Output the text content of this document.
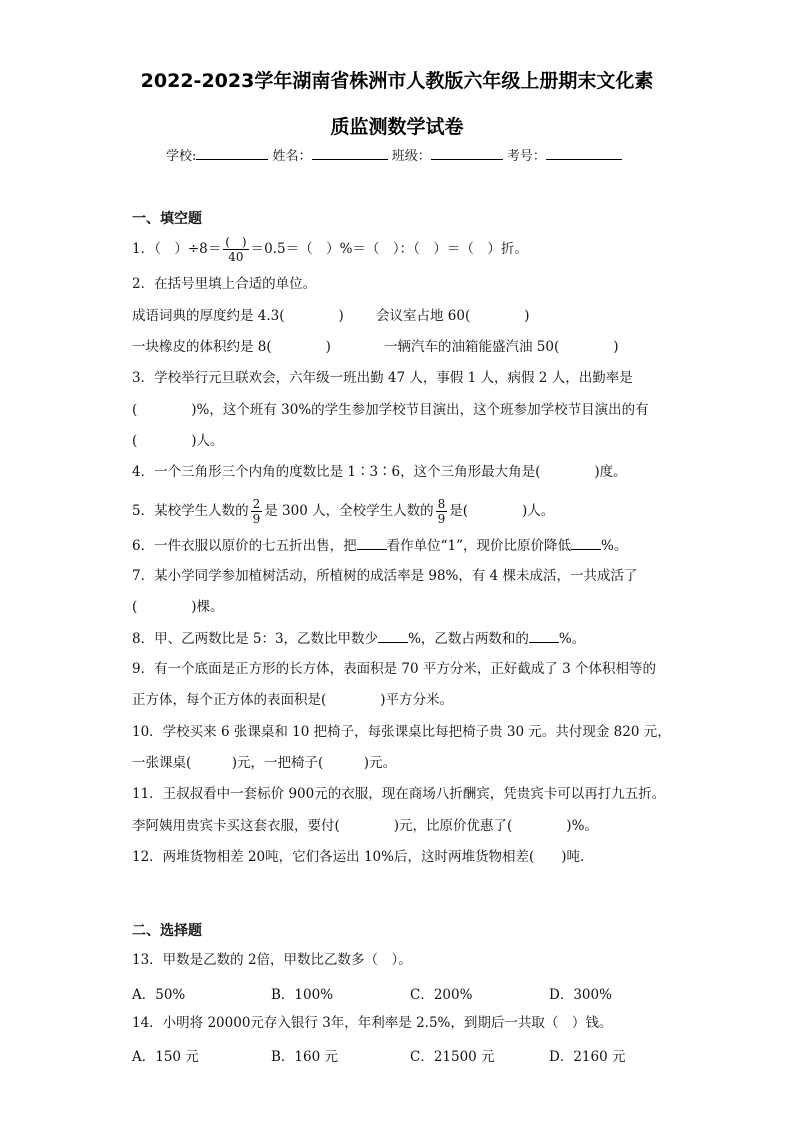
2022-2023学年湖南省株洲市人教版六年级上册期末文化素
质监测数学试卷
学校:	姓名：	班级：	考号：
一、填空题
1．（　）$\div 8= \frac{( )}{40} =0.5=$（　）%＝（　）：（　）＝（　）折。
2．在括号里填上合适的单位。
成语词典的厚度约是 4.3(　　　　) 会议室占地 60(　　　　)
一块橡皮的体积约是 8(　　　　)	一辆汽车的油箱能盛汽油 50(　　　　)
3．学校举行元旦联欢会，六年级一班出勤 47 人，事假 1 人，病假 2 人，出勤率是
(　　　　)%，这个班有 30%的学生参加学校节目演出，这个班参加学校节目演出的有
(　　　　)人。
4．一个三角形三个内角的度数比是 1∶3∶6，这个三角形最大角是(　　　　)度。
5．某校学生人数的 $\frac{2}{9}$ 是 300 人，全校学生人数的 $\frac{8}{9}$ 是(　　　　)人。
6．一件衣服以原价的七五折出售，把 看作单位“1”，现价比原价降低 %。
7．某小学同学参加植树活动，所植树的成活率是 98%，有 4 棵未成活，一共成活了
(　　　　)棵。
8．甲、乙两数比是 5：3，乙数比甲数少 %，乙数占两数和的 %。
9．有一个底面是正方形的长方体，表面积是 70 平方分米，正好截成了 3 个体积相等的
正方体，每个正方体的表面积是(　　　　)平方分米。
10．学校买来 6 张课桌和 10 把椅子，每张课桌比每把椅子贵 30 元。共付现金 820 元，
一张课桌(　　　)元，一把椅子(　　　)元。
11．王叔叔看中一套标价 900元的衣服，现在商场八折酬宾，凭贵宾卡可以再打九五折。
李阿姨用贵宾卡买这套衣服，要付(　　　　)元，比原价优惠了(　　　　)%。
12．两堆货物相差 20吨，它们各运出 10%后，这时两堆货物相差(　　)吨．
二、选择题
13．甲数是乙数的 2倍，甲数比乙数多（　）。
A．50%	B．100%	C．200%	D．300%
14．小明将 20000元存入银行 3年，年利率是 2.5%，到期后一共取（　）钱。
A．150 元	B．160 元	C．21500 元	D．2160 元
